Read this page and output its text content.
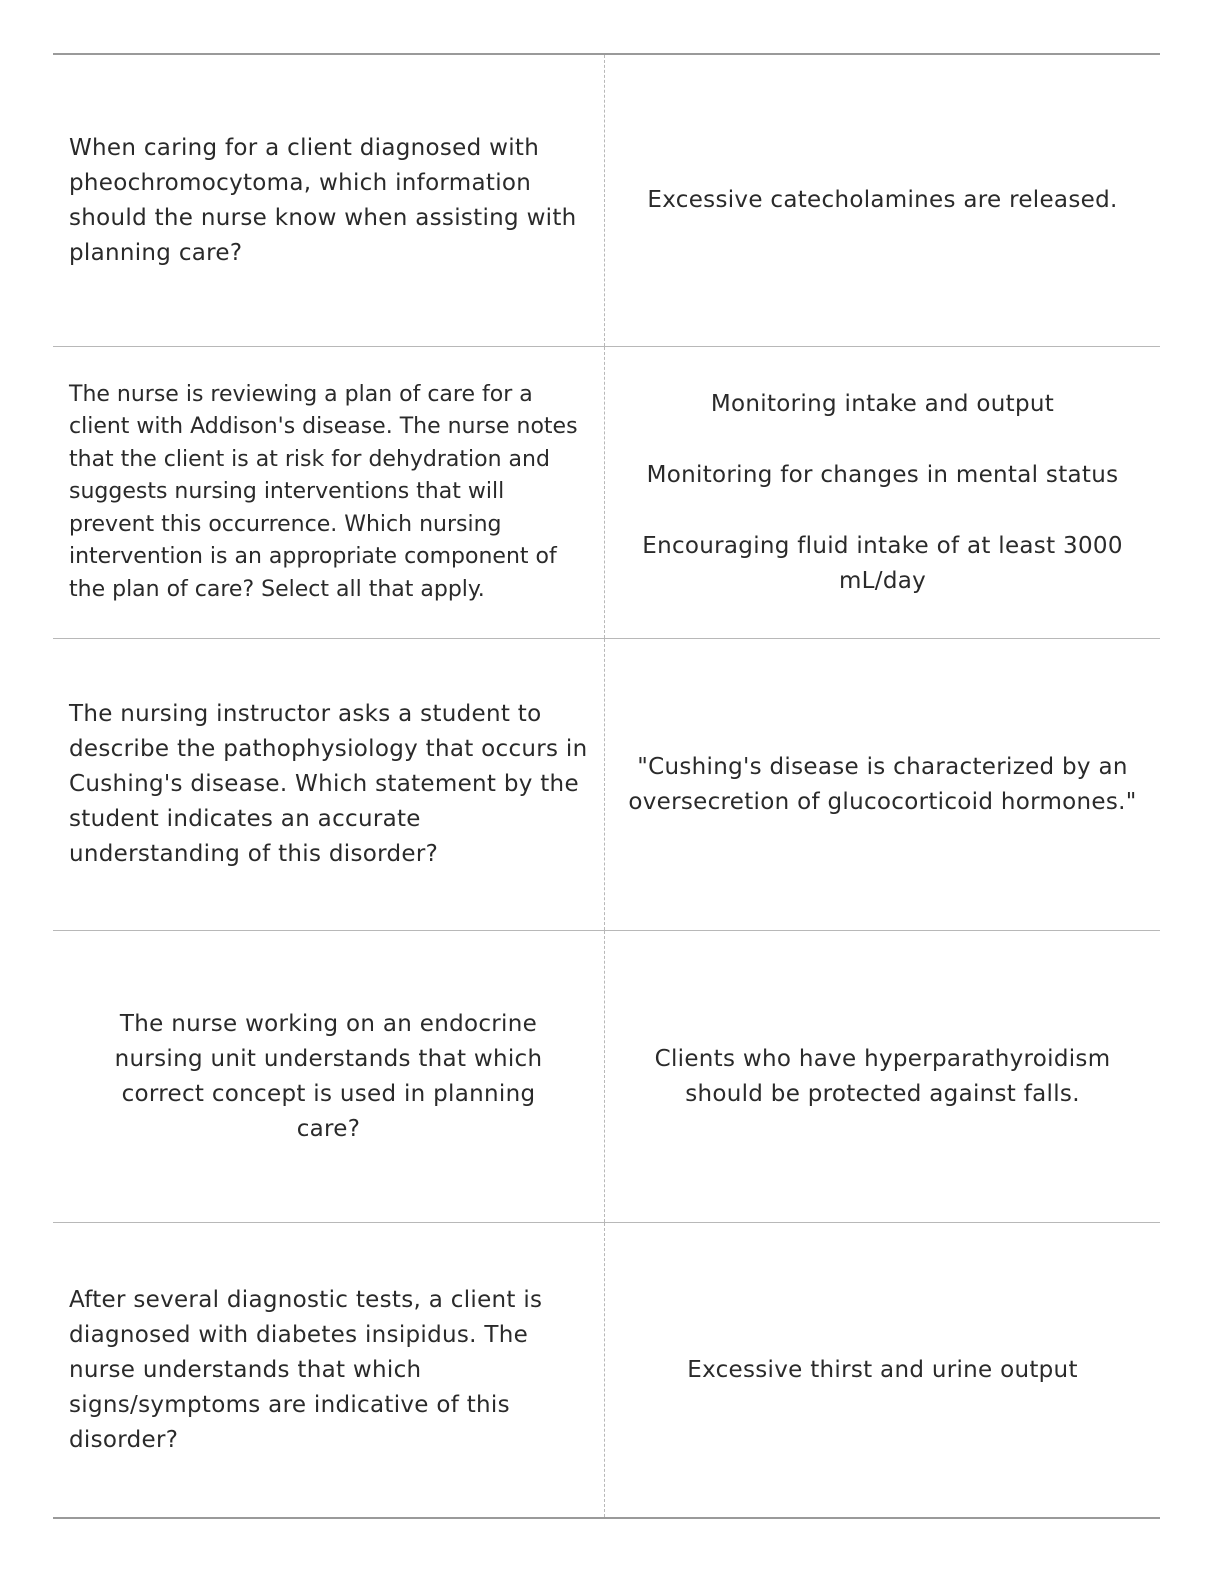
When caring for a client diagnosed with pheochromocytoma, which information should the nurse know when assisting with planning care?

Excessive catecholamines are released.

The nurse is reviewing a plan of care for a client with Addison's disease. The nurse notes that the client is at risk for dehydration and suggests nursing interventions that will prevent this occurrence. Which nursing intervention is an appropriate component of the plan of care? Select all that apply.

Monitoring intake and output

Monitoring for changes in mental status

Encouraging fluid intake of at least 3000 mL/day

The nursing instructor asks a student to describe the pathophysiology that occurs in Cushing's disease. Which statement by the student indicates an accurate understanding of this disorder?

"Cushing's disease is characterized by an oversecretion of glucocorticoid hormones."

The nurse working on an endocrine nursing unit understands that which correct concept is used in planning care?

Clients who have hyperparathyroidism should be protected against falls.

After several diagnostic tests, a client is diagnosed with diabetes insipidus. The nurse understands that which signs/symptoms are indicative of this disorder?

Excessive thirst and urine output
